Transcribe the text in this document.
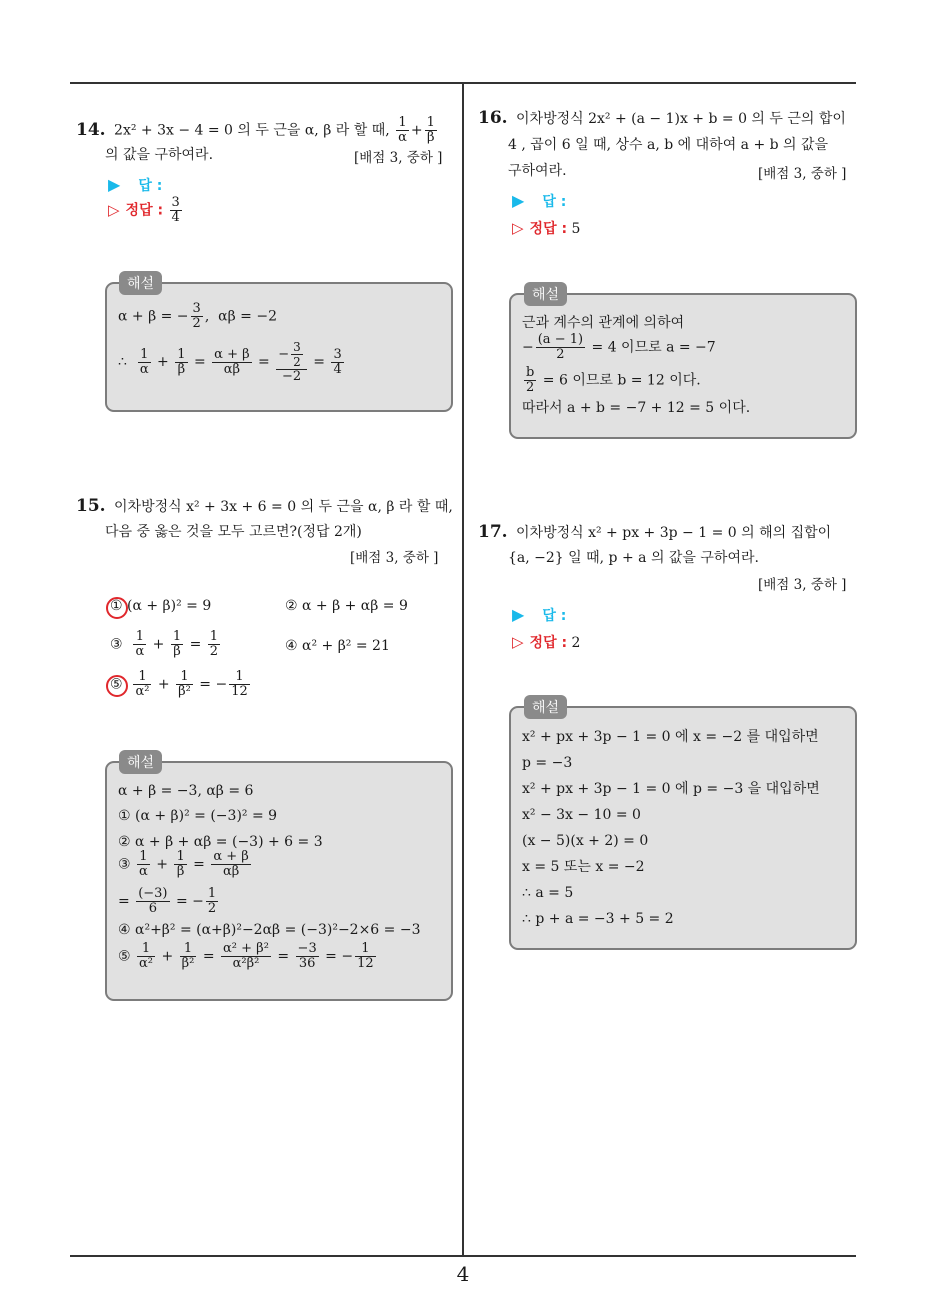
14. 2x² + 3x − 4 = 0 의 두 근을 α, β 라 할 때, $\frac{1}{\alpha} + \frac{1}{\beta}$
의 값을 구하여라.	[배점 3, 중하 ]
▶ 답 :
▷ 정답 : $\frac{3}{4}$
해설
α + β = − $\frac{3}{2}$ ,  αβ = −2
∴ $\frac{1}{\alpha} + \frac{1}{\beta} = \frac{\alpha + \beta}{\alpha\beta} = \frac{- \frac{3}{2}}{-2} = \frac{3}{4}$
15. 이차방정식 x² + 3x + 6 = 0 의 두 근을 α, β 라 할 때,
다음 중 옳은 것을 모두 고르면?(정답 2개)
[배점 3, 중하 ]
① (α + β)² = 9	② α + β + αβ = 9
③ $\frac{1}{\alpha} + \frac{1}{\beta} = \frac{1}{2}$	④ α² + β² = 21
⑤ $\frac{1}{\text{α²}} + \frac{1}{\text{β²}}$ = − $\frac{1}{12}$
해설
α + β = −3, αβ = 6
① (α + β)² = (−3)² = 9
② α + β + αβ = (−3) + 6 = 3
③ $\frac{1}{\alpha} + \frac{1}{\beta} = \frac{\alpha + \beta}{\alpha\beta}$
= $\frac{(-3)}{6}$ = − $\frac{1}{2}$
④ α²+β² = (α+β)²−2αβ = (−3)²−2×6 = −3
⑤ $\frac{1}{\text{α²}} + \frac{1}{\text{β²}} = \frac{\text{α² + β²}}{\text{α²β²}} = \frac{-3}{36}$ = − $\frac{1}{12}$
16. 이차방정식 2x² + (a − 1)x + b = 0 의 두 근의 합이
4 , 곱이 6 일 때, 상수 a, b 에 대하여 a + b 의 값을
구하여라.	[배점 3, 중하 ]
▶ 답 :
▷ 정답 : 5
해설
근과 계수의 관계에 의하여
− $\frac{(a - 1)}{2} = 4$ 이므로 a = −7
$\frac{b}{2} = 6$ 이므로 b = 12 이다.
따라서 a + b = −7 + 12 = 5 이다.
17. 이차방정식 x² + px + 3p − 1 = 0 의 해의 집합이
{a, −2} 일 때, p + a 의 값을 구하여라.
[배점 3, 중하 ]
▶ 답 :
▷ 정답 : 2
해설
x² + px + 3p − 1 = 0 에 x = −2 를 대입하면
p = −3
x² + px + 3p − 1 = 0 에 p = −3 을 대입하면
x² − 3x − 10 = 0
(x − 5)(x + 2) = 0
x = 5 또는 x = −2
∴ a = 5
∴ p + a = −3 + 5 = 2
4
